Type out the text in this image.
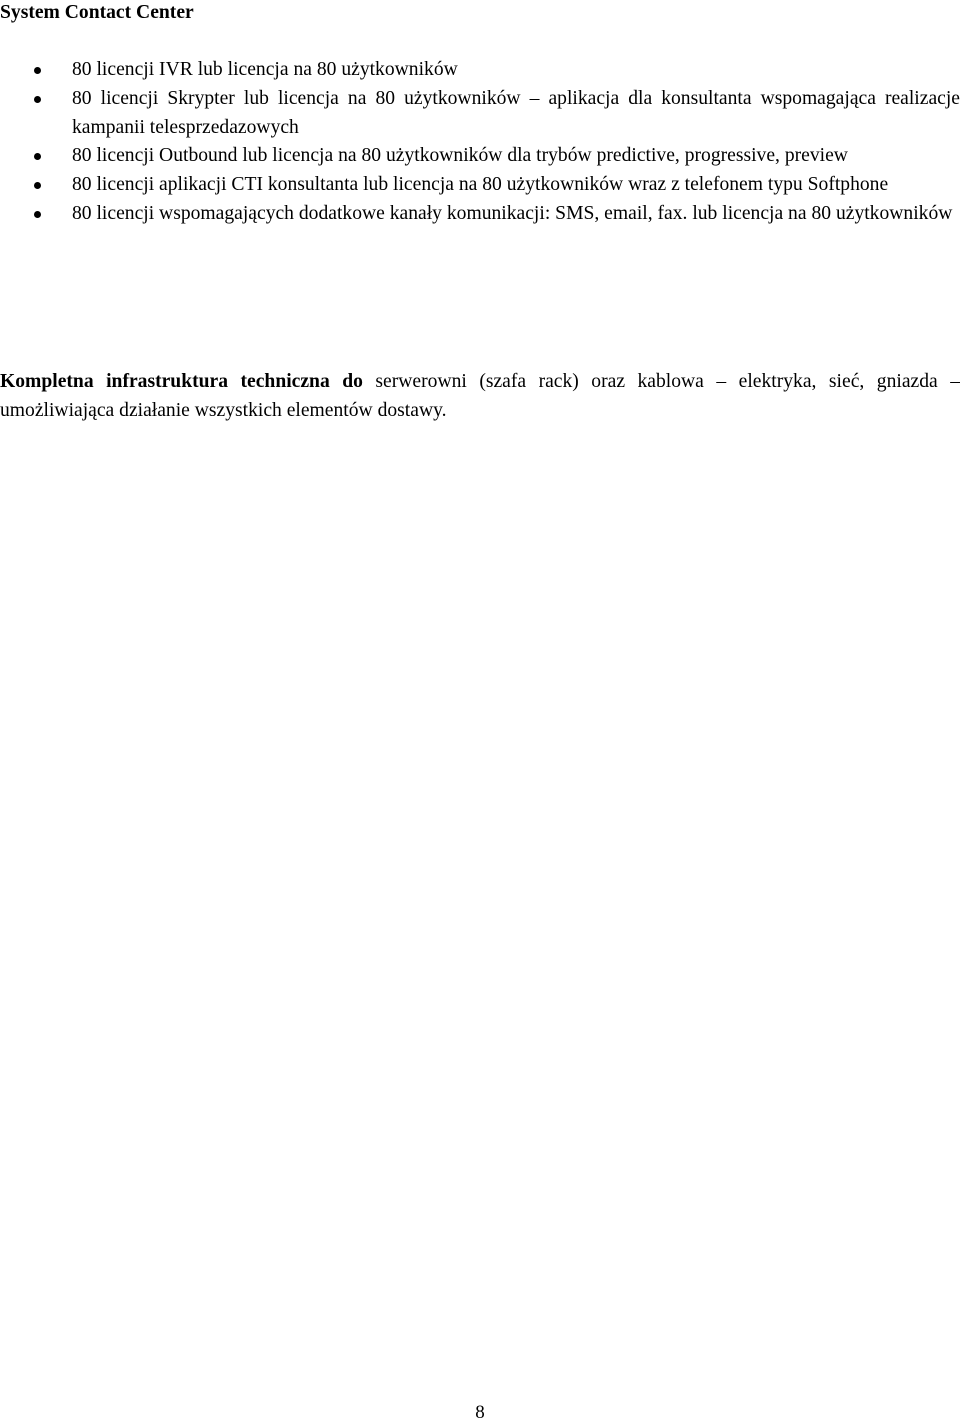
System Contact Center
80 licencji IVR lub licencja na 80 użytkowników
80 licencji Skrypter lub licencja na 80 użytkowników – aplikacja dla konsultanta wspomagająca realizacje kampanii telesprzedazowych
80 licencji Outbound lub licencja na 80 użytkowników dla trybów predictive, progressive, preview
80 licencji aplikacji CTI konsultanta lub licencja na 80 użytkowników wraz z telefonem typu Softphone
80 licencji wspomagających dodatkowe kanały komunikacji: SMS, email, fax. lub licencja na 80 użytkowników

Kompletna infrastruktura techniczna do serwerowni (szafa rack) oraz kablowa – elektryka, sieć, gniazda – umożliwiająca działanie wszystkich elementów dostawy.

8
